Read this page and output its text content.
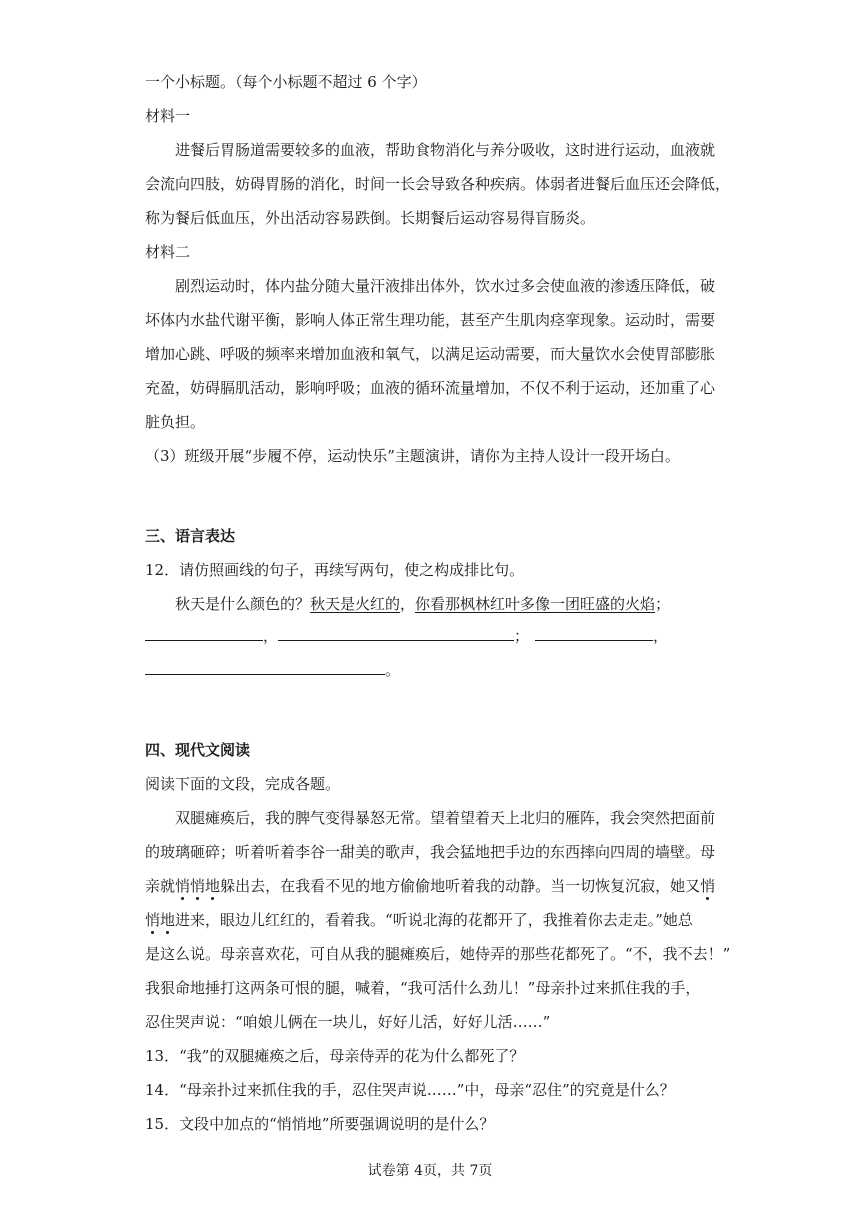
一个小标题。（每个小标题不超过 6 个字）
材料一
进餐后胃肠道需要较多的血液，帮助食物消化与养分吸收，这时进行运动，血液就
会流向四肢，妨碍胃肠的消化，时间一长会导致各种疾病。体弱者进餐后血压还会降低，
称为餐后低血压，外出活动容易跌倒。长期餐后运动容易得盲肠炎。
材料二
剧烈运动时，体内盐分随大量汗液排出体外，饮水过多会使血液的渗透压降低，破
坏体内水盐代谢平衡，影响人体正常生理功能，甚至产生肌肉痉挛现象。运动时，需要
增加心跳、呼吸的频率来增加血液和氧气，以满足运动需要，而大量饮水会使胃部膨胀
充盈，妨碍膈肌活动，影响呼吸；血液的循环流量增加，不仅不利于运动，还加重了心
脏负担。
（3）班级开展“步履不停，运动快乐”主题演讲，请你为主持人设计一段开场白。
三、语言表达
12．请仿照画线的句子，再续写两句，使之构成排比句。
秋天是什么颜色的？秋天是火红的，你看那枫林红叶多像一团旺盛的火焰；
，	；	，
。
四、现代文阅读
阅读下面的文段，完成各题。
双腿瘫痪后，我的脾气变得暴怒无常。望着望着天上北归的雁阵，我会突然把面前
的玻璃砸碎；听着听着李谷一甜美的歌声，我会猛地把手边的东西摔向四周的墙壁。母
亲就悄悄地躲出去，在我看不见的地方偷偷地听着我的动静。当一切恢复沉寂，她又悄
悄地进来，眼边儿红红的，看着我。“听说北海的花都开了，我推着你去走走。”她总
是这么说。母亲喜欢花，可自从我的腿瘫痪后，她侍弄的那些花都死了。“不，我不去！”
我狠命地捶打这两条可恨的腿，喊着，“我可活什么劲儿！”母亲扑过来抓住我的手，
忍住哭声说：“咱娘儿俩在一块儿，好好儿活，好好儿活……”
13．“我”的双腿瘫痪之后，母亲侍弄的花为什么都死了？
14．“母亲扑过来抓住我的手，忍住哭声说……”中，母亲“忍住”的究竟是什么？
15．文段中加点的“悄悄地”所要强调说明的是什么？
试卷第 4页，共 7页
